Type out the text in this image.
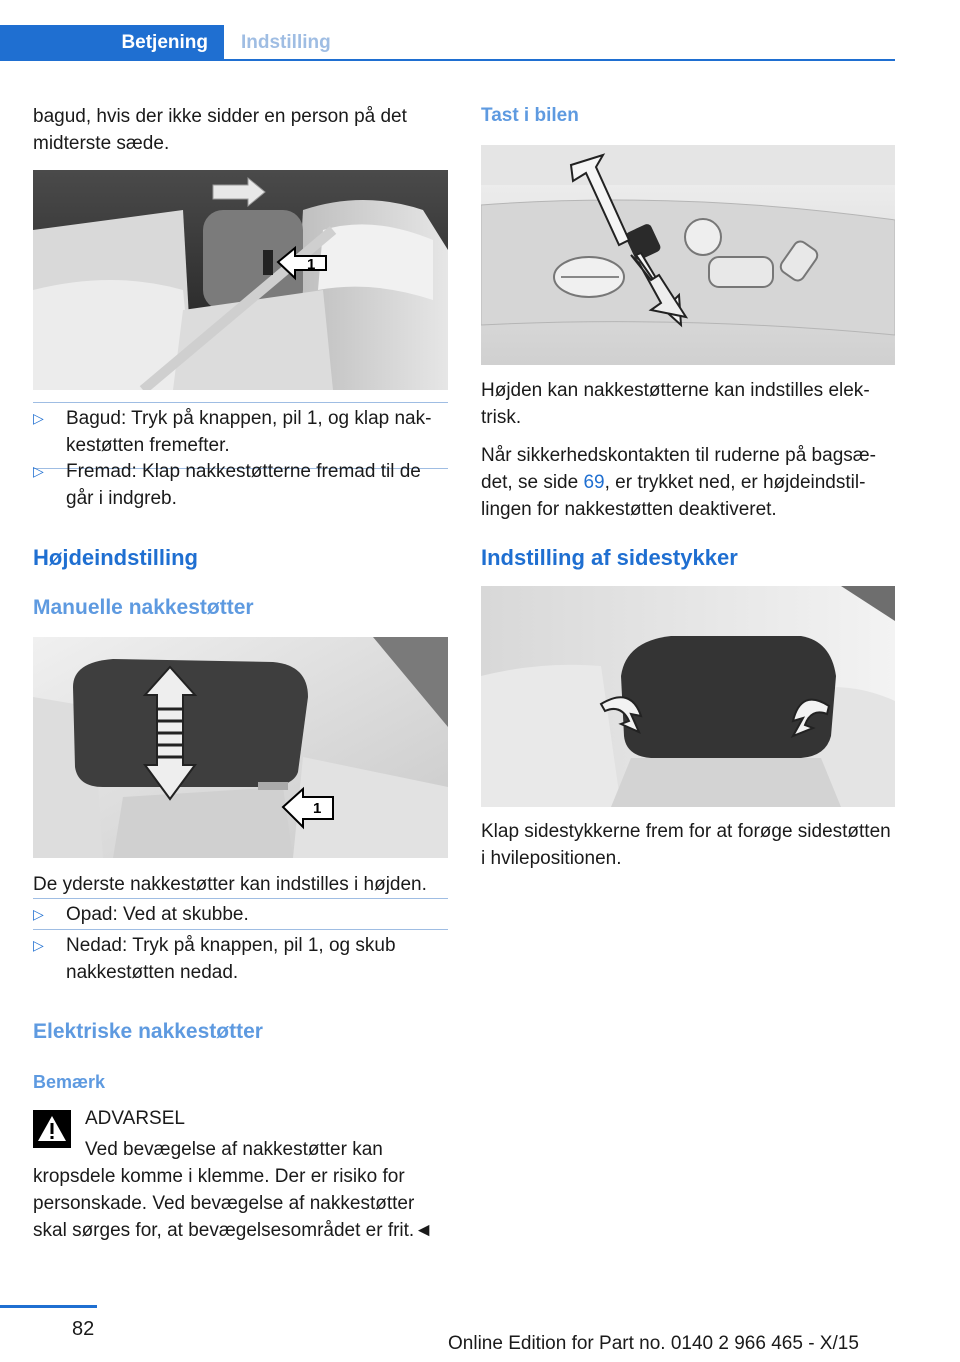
Betjening	Indstilling

bagud, hvis der ikke sidder en person på det midterste sæde.

1
▷ Bagud: Tryk på knappen, pil 1, og klap nakkestøtten fremefter.
▷ Fremad: Klap nakkestøtterne fremad til de går i indgreb.

Højdeindstilling

Manuelle nakkestøtter

1

De yderste nakkestøtter kan indstilles i højden.

▷ Opad: Ved at skubbe.
▷ Nedad: Tryk på knappen, pil 1, og skub nakkestøtten nedad.

Elektriske nakkestøtter

Bemærk

ADVARSEL

Ved bevægelse af nakkestøtter kan

kropsdele komme i klemme. Der er risiko for personskade. Ved bevægelse af nakkestøtter skal sørges for, at bevægelsesområdet er frit.◄

Tast i bilen

Højden kan nakkestøtterne kan indstilles elektrisk.

Når sikkerhedskontakten til ruderne på bagsædet, se side 69, er trykket ned, er højdeindstillingen for nakkestøtten deaktiveret.

Indstilling af sidestykker

Klap sidestykkerne frem for at forøge sidestøtten i hvilepositionen.

82
Online Edition for Part no. 0140 2 966 465 - X/15
